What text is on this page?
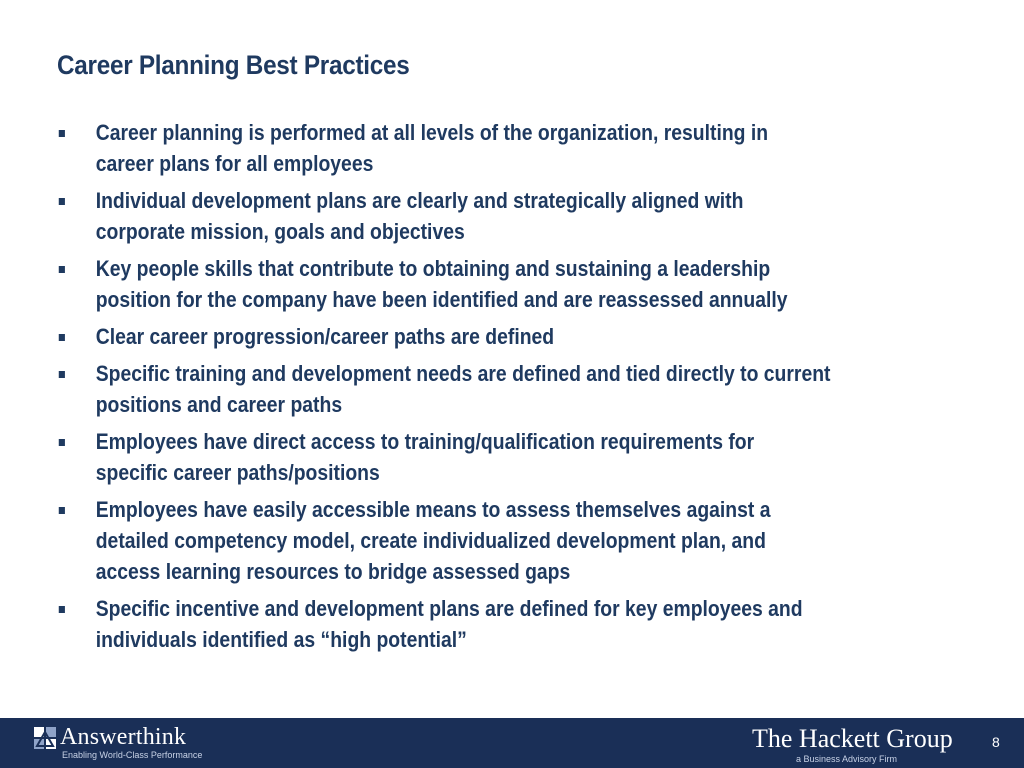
Career Planning Best Practices
Career planning is performed at all levels of the organization, resulting in
career plans for all employees
Individual development plans are clearly and strategically aligned with
corporate mission, goals and objectives
Key people skills that contribute to obtaining and sustaining a leadership
position for the company have been identified and are reassessed annually
Clear career progression/career paths are defined
Specific training and development needs are defined and tied directly to current
positions and career paths
Employees have direct access to training/qualification requirements for
specific career paths/positions
Employees have easily accessible means to assess themselves against a
detailed competency model, create individualized development plan, and
access learning resources to bridge assessed gaps
Specific incentive and development plans are defined for key employees and
individuals identified as “high potential”
Answerthink
Enabling World-Class Performance
The Hackett Group
a Business Advisory Firm
8
